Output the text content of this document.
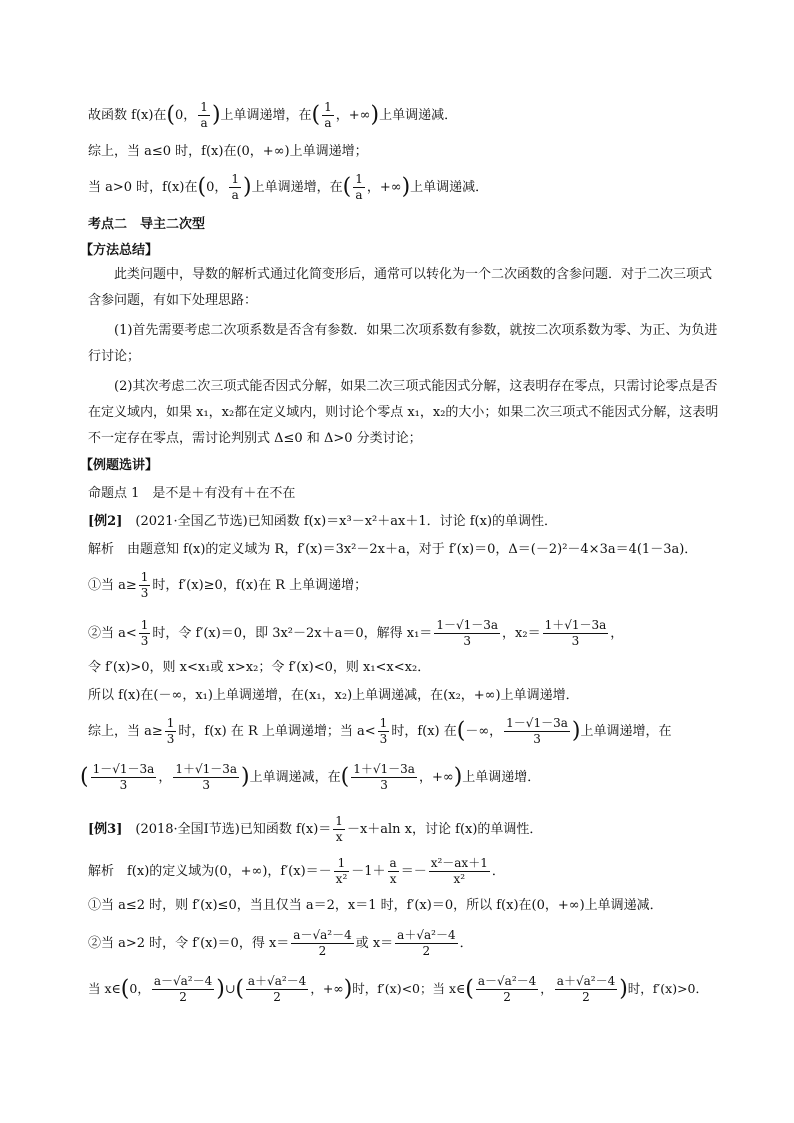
故函数 f(x)在(0， $\frac{1}{a}$ )上单调递增，在( $\frac{1}{a}$ ，+∞)上单调递减．
综上，当 a≤0 时，f(x)在(0，+∞)上单调递增；
当 a>0 时，f(x)在(0， $\frac{1}{a}$ )上单调递增，在( $\frac{1}{a}$ ，+∞)上单调递减．
考点二　导主二次型
【方法总结】
此类问题中，导数的解析式通过化简变形后，通常可以转化为一个二次函数的含参问题．对于二次三项式含参问题，有如下处理思路：
(1)首先需要考虑二次项系数是否含有参数．如果二次项系数有参数，就按二次项系数为零、为正、为负进行讨论；
(2)其次考虑二次三项式能否因式分解，如果二次三项式能因式分解，这表明存在零点，只需讨论零点是否在定义域内，如果 x₁，x₂都在定义域内，则讨论个零点 x₁，x₂的大小；如果二次三项式不能因式分解，这表明不一定存在零点，需讨论判别式 Δ≤0 和 Δ>0 分类讨论；
【例题选讲】
命题点 1　是不是＋有没有＋在不在
[例2]　 (2021·全国乙节选)已知函数 f(x)＝x³－x²＋ax＋1．讨论 f(x)的单调性．
解析　由题意知 f(x)的定义域为 R，f′(x)＝3x²－2x＋a，对于 f′(x)＝0，Δ＝(－2)²－4×3a＝4(1－3a)．
①当 $a\ge \frac{1}{3}$ 时，f′(x)≥0，f(x)在 R 上单调递增；
②当 $a< \frac{1}{3}$ 时，令 f′(x)＝0，即 3x²－2x＋a＝0，解得 $x_1= \frac{1-√1-3a}{3}$ ，$x_2= \frac{1+√1-3a}{3}$ ，
令 f′(x)>0，则 x<x₁或 x>x₂；令 f′(x)<0，则 x₁<x<x₂．
所以 f(x)在(－∞，x₁)上单调递增，在(x₁，x₂)上单调递减，在(x₂，+∞)上单调递增．
综上，当 $a\ge \frac{1}{3}$ 时，f(x) 在 R 上单调递增；当 $a< \frac{1}{3}$ 时，f(x) 在(－∞， $\frac{1-√1-3a}{3}$ )上单调递增，在
( $\frac{1-√1-3a}{3}$ ， $\frac{1+√1-3a}{3}$ )上单调递减，在( $\frac{1+√1-3a}{3}$ ，+∞)上单调递增．
[例3]　 (2018·全国Ⅰ节选)已知函数 $f(x)= \frac{1}{x} -x+aln$ x，讨论 f(x)的单调性．
解析　f(x)的定义域为(0，+∞)，$f'(x)=- \frac{1}{\text{x²}} -1+ \frac{a}{x} =- \frac{\text{x²－ax＋1}}{\text{x²}}$ ．
①当 a≤2 时，则 f′(x)≤0，当且仅当 a＝2，x＝1 时，f′(x)＝0，所以 f(x)在(0，+∞)上单调递减．
②当 a>2 时，令 f′(x)＝0，得 $x= \frac{\text{a－√a²－4}}{2}$ 或 $x= \frac{\text{a＋√a²－4}}{2}$ ．
当 x∈(0， $\frac{\text{a－√a²－4}}{2}$ )∪( $\frac{\text{a＋√a²－4}}{2}$ ，+∞)时，f′(x)<0；当 x∈( $\frac{\text{a－√a²－4}}{2}$ ， $\frac{\text{a＋√a²－4}}{2}$ )时，f′(x)>0．
